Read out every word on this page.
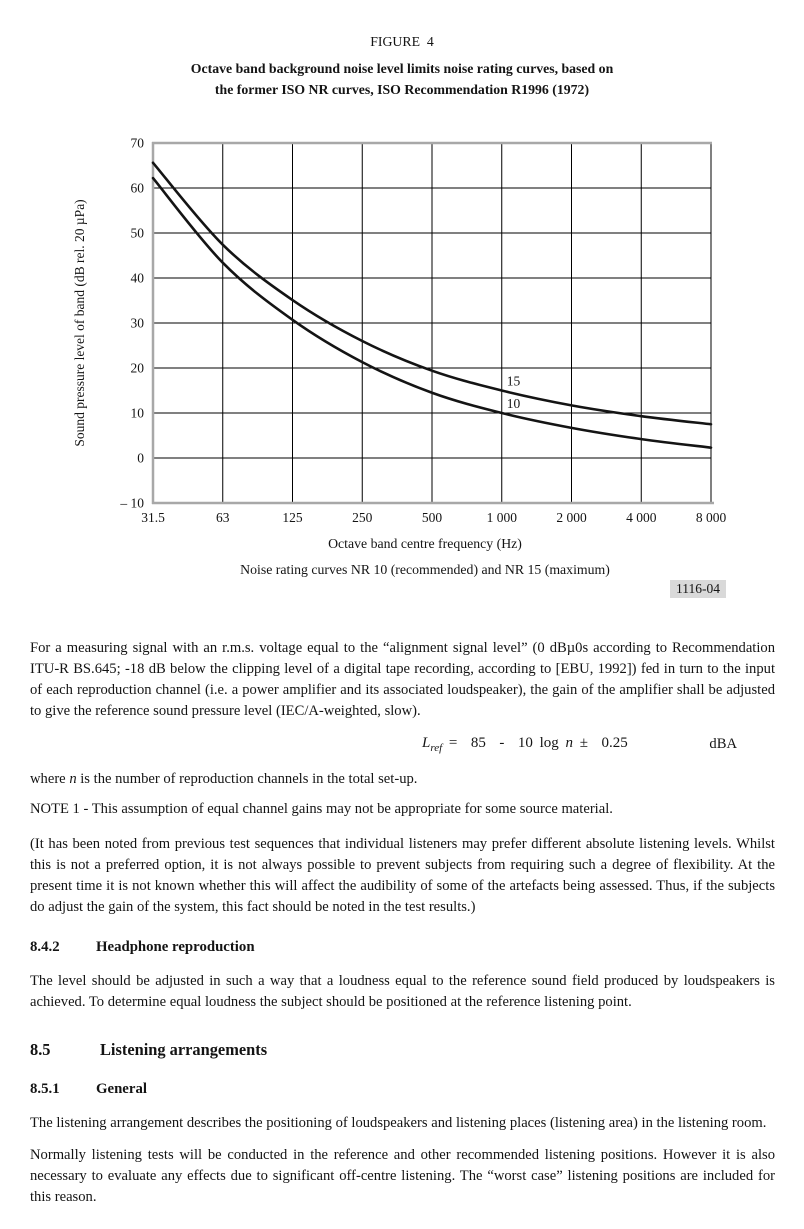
FIGURE  4
Octave band background noise level limits noise rating curves, based on
the former ISO NR curves, ISO Recommendation R1996 (1972)
70
60
50
40
30
20
10
0
– 10
31.5	63	125	250	500	1 000	2 000	4 000	8 000
Sound pressure level of band (dB rel. 20 µPa)	15
10
Octave band centre frequency (Hz)
Noise rating curves NR 10 (recommended) and NR 15 (maximum)
1116-04

For a measuring signal with an r.m.s. voltage equal to the “alignment signal level” (0 dBµ0s according to Recommendation ITU-R BS.645; -18 dB below the clipping level of a digital tape recording, according to [EBU, 1992]) fed in turn to the input of each reproduction channel (i.e. a power amplifier and its associated loudspeaker), the gain of the amplifier shall be adjusted to give the reference sound pressure level (IEC/A-weighted, slow).

$L_{ref} = 85 - 10$ log n ±  0.25	dBA

where n is the number of reproduction channels in the total set-up.

NOTE 1 - This assumption of equal channel gains may not be appropriate for some source material.

(It has been noted from previous test sequences that individual listeners may prefer different absolute listening levels. Whilst this is not a preferred option, it is not always possible to prevent subjects from requiring such a degree of flexibility. At the present time it is not known whether this will affect the audibility of some of the artefacts being assessed. Thus, if the subjects do adjust the gain of the system, this fact should be noted in the test results.)

8.4.2 Headphone reproduction

The level should be adjusted in such a way that a loudness equal to the reference sound field produced by loudspeakers is achieved. To determine equal loudness the subject should be positioned at the reference listening point.

8.5	Listening arrangements
8.5.1 General

The listening arrangement describes the positioning of loudspeakers and listening places (listening area) in the listening room.

Normally listening tests will be conducted in the reference and other recommended listening positions. However it is also necessary to evaluate any effects due to significant off-centre listening. The “worst case” listening positions are included for this reason.
